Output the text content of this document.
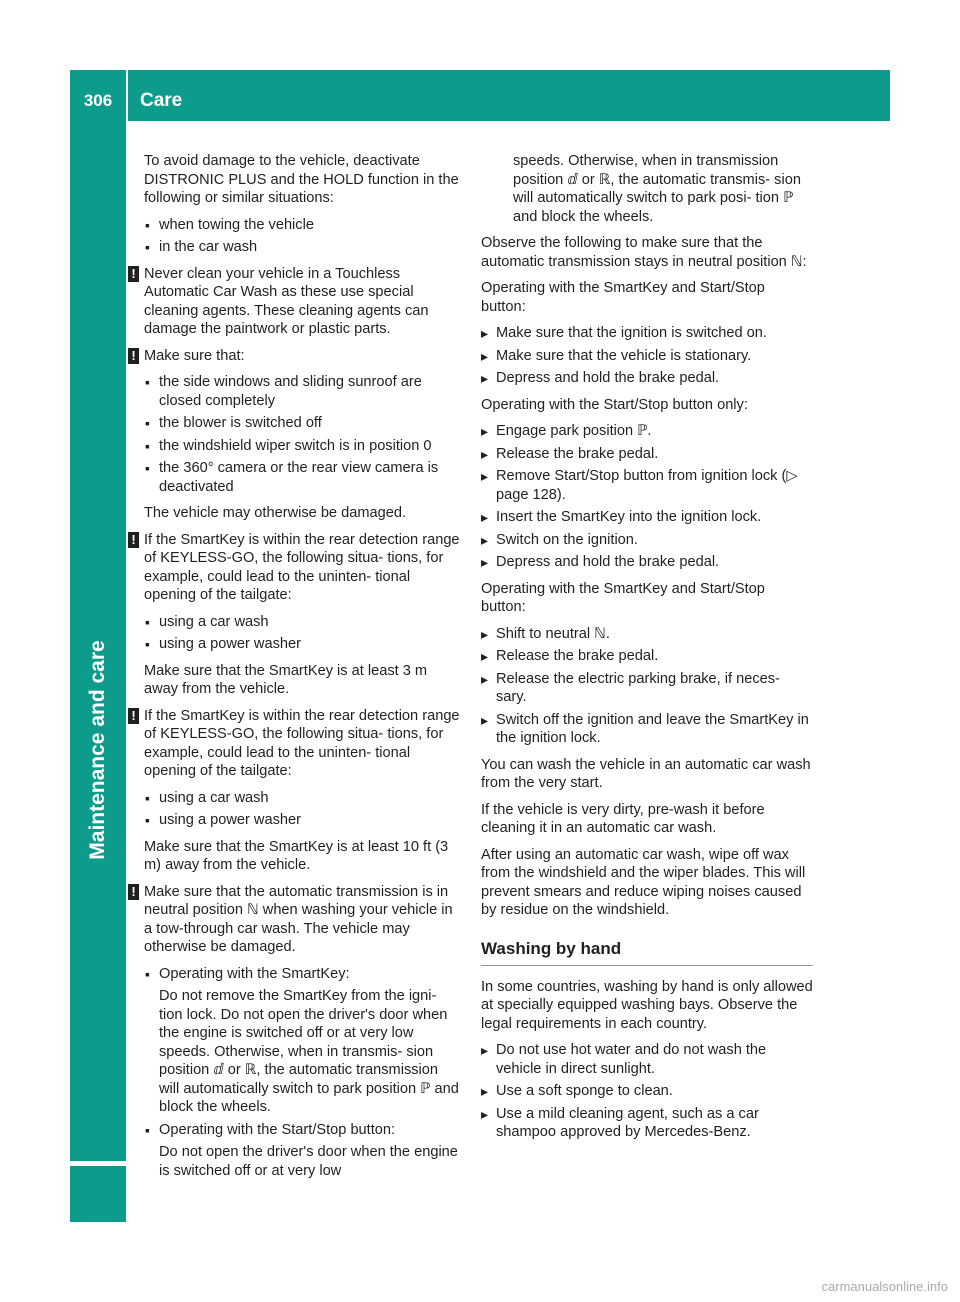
306	Care
Maintenance and care

To avoid damage to the vehicle, deactivate DISTRONIC PLUS and the HOLD function in the following or similar situations:

▪ when towing the vehicle
▪ in the car wash

! Never clean your vehicle in a Touchless Automatic Car Wash as these use special cleaning agents. These cleaning agents can damage the paintwork or plastic parts.

! Make sure that:

▪ the side windows and sliding sunroof are closed completely
▪ the blower is switched off
▪ the windshield wiper switch is in position 0
▪ the 360° camera or the rear view camera is deactivated

The vehicle may otherwise be damaged.

! If the SmartKey is within the rear detection range of KEYLESS-GO, the following situa- tions, for example, could lead to the uninten- tional opening of the tailgate:

▪ using a car wash
▪ using a power washer

Make sure that the SmartKey is at least 3 m away from the vehicle.

! If the SmartKey is within the rear detection range of KEYLESS-GO, the following situa- tions, for example, could lead to the uninten- tional opening of the tailgate:

▪ using a car wash
▪ using a power washer

Make sure that the SmartKey is at least 10 ft (3 m) away from the vehicle.

! Make sure that the automatic transmission is in neutral position ℕ when washing your vehicle in a tow-through car wash. The vehicle may otherwise be damaged.

▪ Operating with the SmartKey:
Do not remove the SmartKey from the igni- tion lock. Do not open the driver's door when the engine is switched off or at very low speeds. Otherwise, when in transmis- sion position ⅆ or ℝ, the automatic transmission will automatically switch to park position ℙ and block the wheels.
▪ Operating with the Start/Stop button:
Do not open the driver's door when the engine is switched off or at very low

speeds. Otherwise, when in transmission position ⅆ or ℝ, the automatic transmis- sion will automatically switch to park posi- tion ℙ and block the wheels.

Observe the following to make sure that the automatic transmission stays in neutral position ℕ:

Operating with the SmartKey and Start/Stop button:

▸ Make sure that the ignition is switched on.
▸ Make sure that the vehicle is stationary.
▸ Depress and hold the brake pedal.

Operating with the Start/Stop button only:

▸ Engage park position ℙ.
▸ Release the brake pedal.
▸ Remove Start/Stop button from ignition lock (▷ page 128).
▸ Insert the SmartKey into the ignition lock.
▸ Switch on the ignition.
▸ Depress and hold the brake pedal.

Operating with the SmartKey and Start/Stop button:

▸ Shift to neutral ℕ.
▸ Release the brake pedal.
▸ Release the electric parking brake, if neces- sary.
▸ Switch off the ignition and leave the SmartKey in the ignition lock.

You can wash the vehicle in an automatic car wash from the very start.

If the vehicle is very dirty, pre-wash it before cleaning it in an automatic car wash.

After using an automatic car wash, wipe off wax from the windshield and the wiper blades. This will prevent smears and reduce wiping noises caused by residue on the windshield.

Washing by hand

In some countries, washing by hand is only allowed at specially equipped washing bays. Observe the legal requirements in each country.

▸ Do not use hot water and do not wash the vehicle in direct sunlight.
▸ Use a soft sponge to clean.
▸ Use a mild cleaning agent, such as a car shampoo approved by Mercedes-Benz.
carmanualsonline.info
